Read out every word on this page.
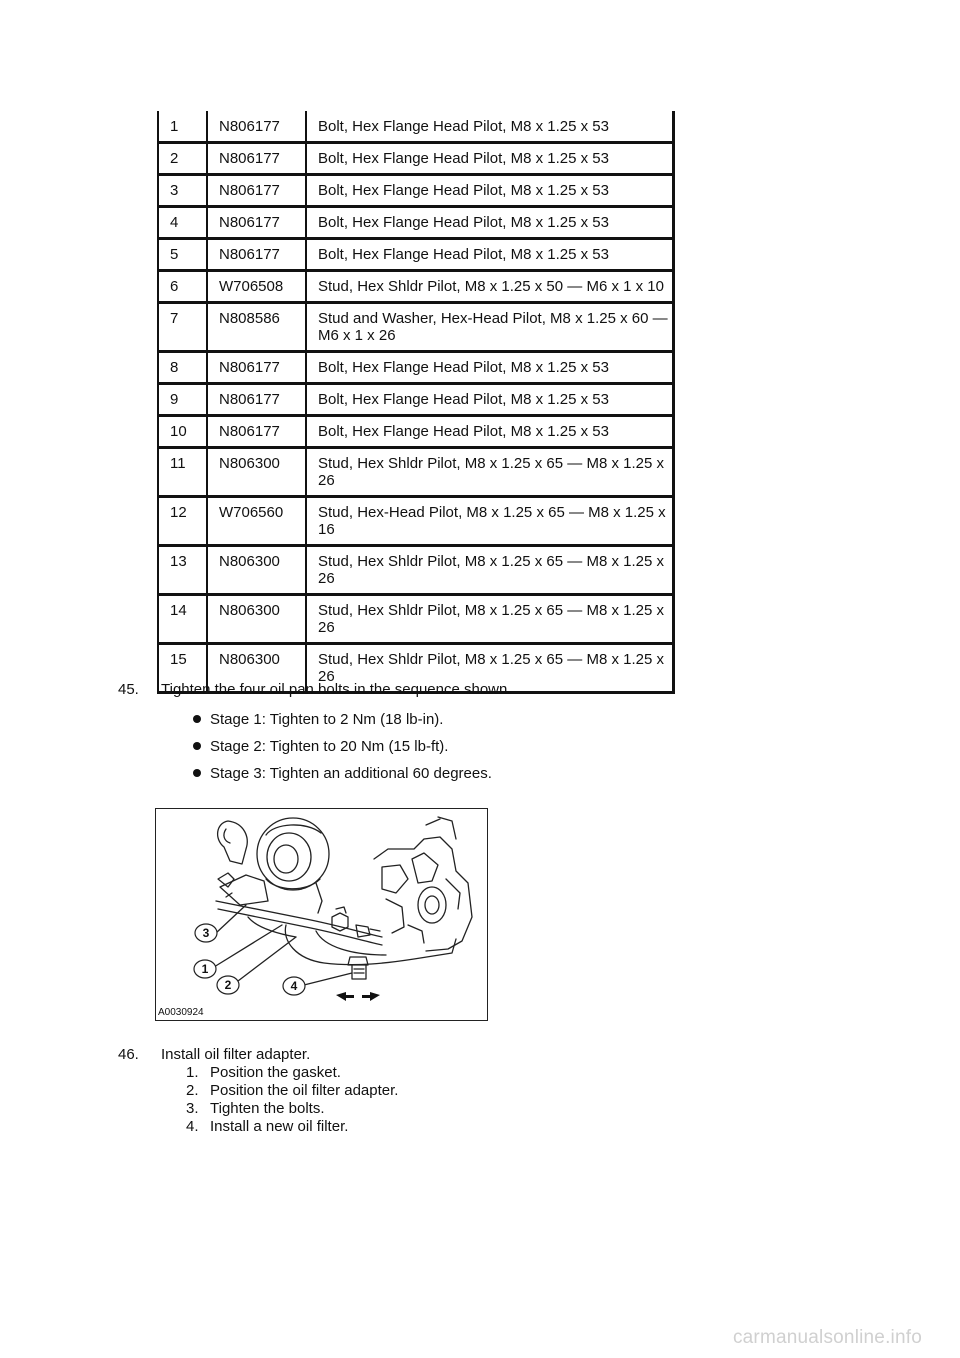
1	N806177	Bolt, Hex Flange Head Pilot, M8 x 1.25 x 53
2	N806177	Bolt, Hex Flange Head Pilot, M8 x 1.25 x 53
3	N806177	Bolt, Hex Flange Head Pilot, M8 x 1.25 x 53
4	N806177	Bolt, Hex Flange Head Pilot, M8 x 1.25 x 53
5	N806177	Bolt, Hex Flange Head Pilot, M8 x 1.25 x 53
6	W706508	Stud, Hex Shldr Pilot, M8 x 1.25 x 50 — M6 x 1 x 10
7	N808586	Stud and Washer, Hex-Head Pilot, M8 x 1.25 x 60 — M6 x 1 x 26
8	N806177	Bolt, Hex Flange Head Pilot, M8 x 1.25 x 53
9	N806177	Bolt, Hex Flange Head Pilot, M8 x 1.25 x 53
10	N806177	Bolt, Hex Flange Head Pilot, M8 x 1.25 x 53
11	N806300	Stud, Hex Shldr Pilot, M8 x 1.25 x 65 — M8 x 1.25 x 26
12	W706560	Stud, Hex-Head Pilot, M8 x 1.25 x 65 — M8 x 1.25 x 16
13	N806300	Stud, Hex Shldr Pilot, M8 x 1.25 x 65 — M8 x 1.25 x 26
14	N806300	Stud, Hex Shldr Pilot, M8 x 1.25 x 65 — M8 x 1.25 x 26
15	N806300	Stud, Hex Shldr Pilot, M8 x 1.25 x 65 — M8 x 1.25 x 26
45. Tighten the four oil pan bolts in the sequence shown.
Stage 1: Tighten to 2 Nm (18 lb-in).
Stage 2: Tighten to 20 Nm (15 lb-ft).
Stage 3: Tighten an additional 60 degrees.
3
1
2	4
A0030924
46. Install oil filter adapter.
1. Position the gasket.
2. Position the oil filter adapter.
3. Tighten the bolts.
4. Install a new oil filter.
carmanualsonline.info
